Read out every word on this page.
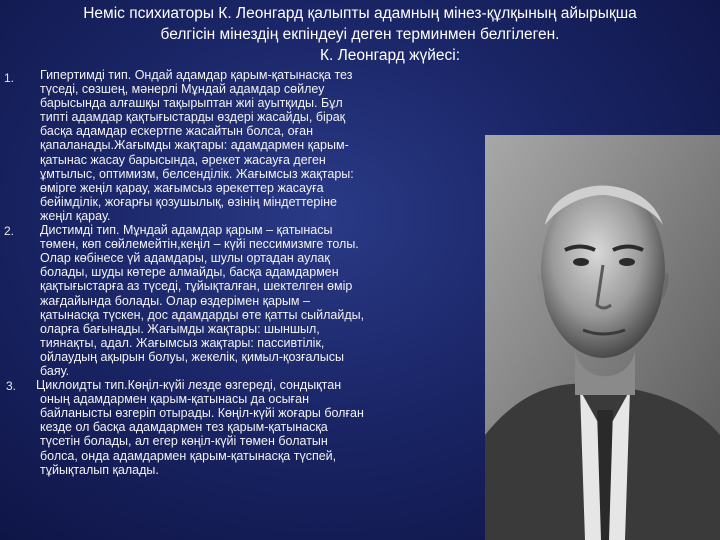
Неміс психиаторы К. Леонгард қалыпты адамның мінез-құлқының айырықша
белгісін мінездің екпіндеуі деген терминмен белгілеген.
К. Леонгард жүйесі:
1. Гипертимді тип. Ондай адамдар қарым-қатынасқа тез
түседі, сөзшең, мәнерлі Мұндай адамдар сөйлеу
барысында алғашқы тақырыптан жиі ауытқиды. Бұл
типті адамдар қақтығыстарды өздері жасайды, бірақ
басқа адамдар ескертпе жасайтын болса, оған
қапаланады.Жағымды жақтары: адамдармен қарым-
қатынас жасау барысында, әрекет жасауға деген
ұмтылыс, оптимизм, белсенділік. Жағымсыз жақтары:
өмірге жеңіл қарау, жағымсыз әрекеттер жасауға
бейімділік, жоғарғы қозушылық, өзінің міндеттеріне
жеңіл қарау.
2. Дистимді тип. Мұндай адамдар қарым – қатынасы
төмен, көп сөйлемейтін,кеңіл – күйі пессимизмге толы.
Олар көбінесе үй адамдары, шулы ортадан аулақ
болады, шуды көтере алмайды, басқа адамдармен
қақтығыстарға аз түседі, тұйықталған, шектелген өмір
жағдайында болады. Олар өздерімен қарым –
қатынасқа түскен, дос адамдарды өте қатты сыйлайды,
оларға бағынады. Жағымды жақтары: шыншыл,
тиянақты, адал. Жағымсыз жақтары: пассивтілік,
ойлаудың ақырын болуы, жекелік, қимыл-қозғалысы
баяу.
3. Циклоидты тип.Көңіл-күйі лезде өзгереді, сондықтан
оның адамдармен қарым-қатынасы да осыған
байланысты өзгеріп отырады. Көңіл-күйі жоғары болған
кезде ол басқа адамдармен тез қарым-қатынасқа
түсетін болады, ал егер көңіл-күйі төмен болатын
болса, онда адамдармен қарым-қатынасқа түспей,
тұйықталып қалады.
